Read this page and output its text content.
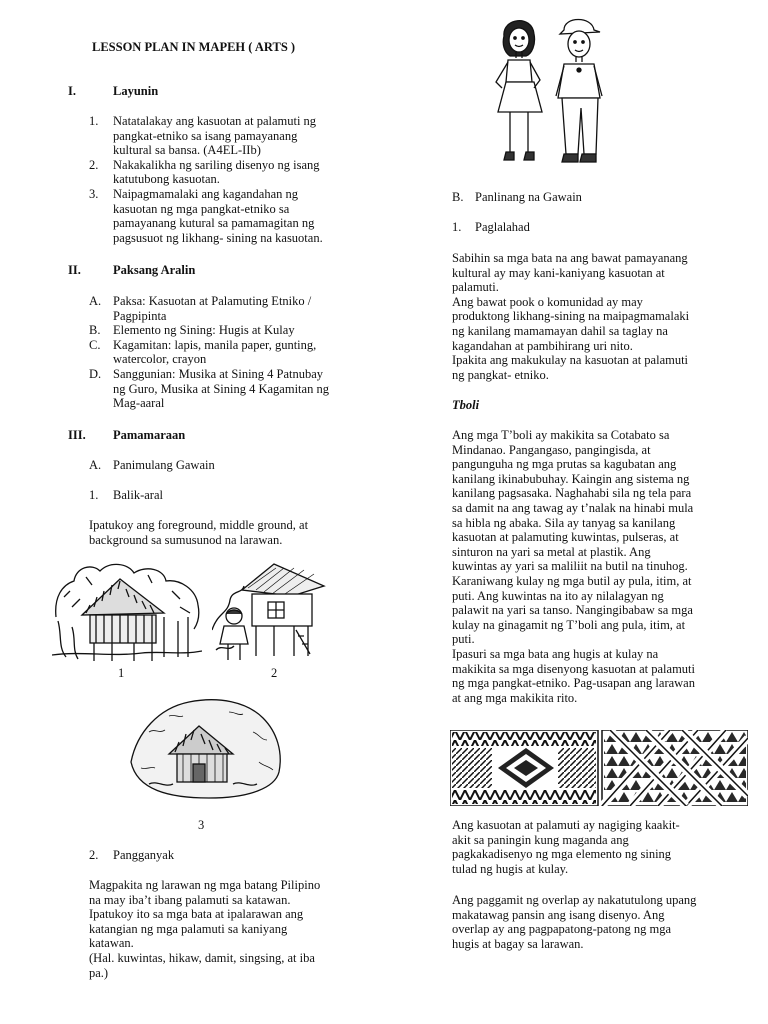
LESSON PLAN IN MAPEH ( ARTS )
I.	Layunin
1.	Natatalakay ang kasuotan at palamuti ng
pangkat-etniko sa isang pamayanang
kultural sa bansa. (A4EL-IIb)
2.	Nakakalikha ng sariling disenyo ng isang
katutubong kasuotan.
3.	Naipagmamalaki ang kagandahan ng
kasuotan ng mga pangkat-etniko sa
pamayanang kutural sa pamamagitan ng
pagsusuot ng likhang- sining na kasuotan.
II.	Paksang Aralin
A. Paksa: Kasuotan at Palamuting Etniko /
Pagpipinta
B.	Elemento ng Sining: Hugis at Kulay
C.	Kagamitan: lapis, manila paper, gunting,
watercolor, crayon
D. Sanggunian: Musika at Sining 4 Patnubay
ng Guro, Musika at Sining 4 Kagamitan ng
Mag-aaral
III. Pamamaraan
A. Panimulang Gawain
1. Balik-aral
Ipatukoy ang foreground, middle ground, at
background sa sumusunod na larawan.
1	2
3
2. Pangganyak
Magpakita ng larawan ng mga batang Pilipino
na may iba’t ibang palamuti sa katawan.
Ipatukoy ito sa mga bata at ipalarawan ang
katangian ng mga palamuti sa kaniyang
katawan.
(Hal. kuwintas, hikaw, damit, singsing, at iba
pa.)
B. Panlinang na Gawain
1. Paglalahad
Sabihin sa mga bata na ang bawat pamayanang
kultural ay may kani-kaniyang kasuotan at
palamuti.
Ang bawat pook o komunidad ay may
produktong likhang-sining na maipagmamalaki
ng kanilang mamamayan dahil sa taglay na
kagandahan at pambihirang uri nito.
Ipakita ang makukulay na kasuotan at palamuti
ng pangkat- etniko.
Tboli
Ang mga T’boli ay makikita sa Cotabato sa
Mindanao. Pangangaso, pangingisda, at
pangunguha ng mga prutas sa kagubatan ang
kanilang ikinabubuhay. Kaingin ang sistema ng
kanilang pagsasaka. Naghahabi sila ng tela para
sa damit na ang tawag ay t’nalak na hinabi mula
sa hibla ng abaka. Sila ay tanyag sa kanilang
kasuotan at palamuting kuwintas, pulseras, at
sinturon na yari sa metal at plastik. Ang
kuwintas ay yari sa maliliit na butil na tinuhog.
Karaniwang kulay ng mga butil ay pula, itim, at
puti. Ang kuwintas na ito ay nilalagyan ng
palawit na yari sa tanso. Nangingibabaw sa mga
kulay na ginagamit ng T’boli ang pula, itim, at
puti.
Ipasuri sa mga bata ang hugis at kulay na
makikita sa mga disenyong kasuotan at palamuti
ng mga pangkat-etniko. Pag-usapan ang larawan
at ang mga makikita rito.
Ang kasuotan at palamuti ay nagiging kaakit-
akit sa paningin kung maganda ang
pagkakadisenyo ng mga elemento ng sining
tulad ng hugis at kulay.
Ang paggamit ng overlap ay nakatutulong upang
makatawag pansin ang isang disenyo. Ang
overlap ay ang pagpapatong-patong ng mga
hugis at bagay sa larawan.
